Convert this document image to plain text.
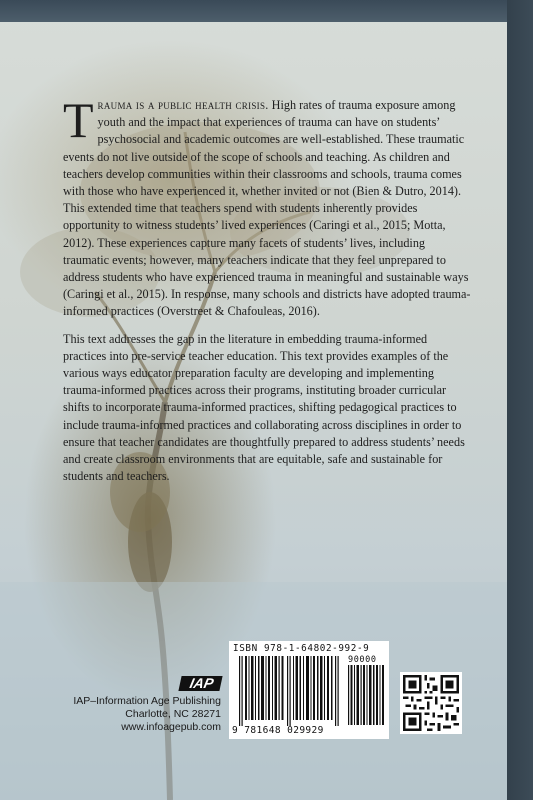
Trauma is a public health crisis. High rates of trauma exposure among youth and the impact that experiences of trauma can have on students’ psychosocial and academic outcomes are well-established. These traumatic events do not live outside of the scope of schools and teaching. As children and teachers develop communities within their classrooms and schools, trauma comes with those who have experienced it, whether invited or not (Bien & Dutro, 2014). This extended time that teachers spend with students inherently provides opportunity to witness students’ lived experiences (Caringi et al., 2015; Motta, 2012). These experiences capture many facets of students’ lives, including traumatic events; however, many teachers indicate that they feel unprepared to address students who have experienced trauma in meaningful and sustainable ways (Caringi et al., 2015). In response, many schools and districts have adopted trauma-informed practices (Overstreet & Chafouleas, 2016).

This text addresses the gap in the literature in embedding trauma-informed practices into pre-service teacher education. This text provides examples of the various ways educator preparation faculty are developing and implementing trauma-informed practices across their programs, instituting broader curricular shifts to incorporate trauma-informed practices, shifting pedagogical practices to include trauma-informed practices and collaborating across disciplines in order to ensure that teacher candidates are thoughtfully prepared to address students’ needs and create classroom environments that are equitable, safe and sustainable for students and teachers.

IAP
IAP–Information Age Publishing
Charlotte, NC 28271
www.infoagepub.com
ISBN 978-1-64802-992-9
90000
9 781648 029929
